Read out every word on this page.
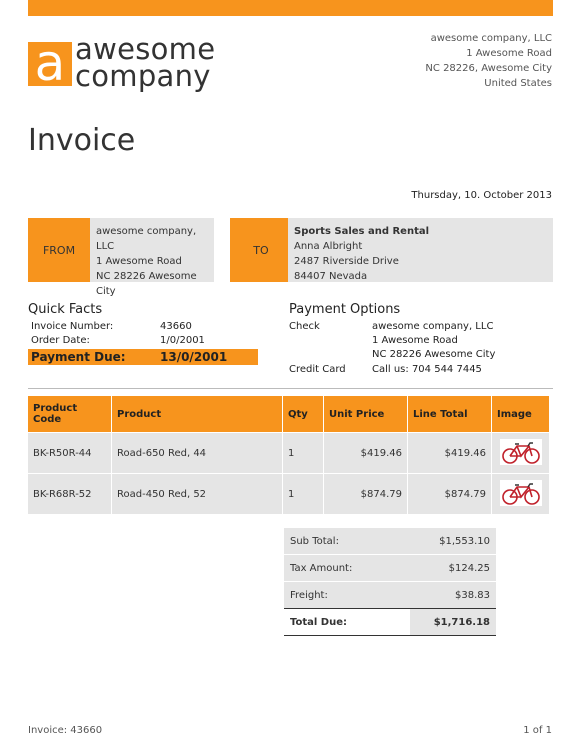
a awesome
company
awesome company, LLC
1 Awesome Road
NC 28226, Awesome City
United States
Invoice
Thursday, 10. October 2013
FROM
awesome company, LLC
1 Awesome Road
NC 28226 Awesome City
TO
Sports Sales and Rental
Anna Albright
2487 Riverside Drive
84407 Nevada
Quick Facts
Invoice Number:	43660
Order Date:	1/0/2001
Payment Due:	13/0/2001
Payment Options
Check	awesome company, LLC
1 Awesome Road
NC 28226 Awesome City
Credit Card	Call us: 704 544 7445
Product Code	Product	Qty	Unit Price	Line Total	Image
BK-R50R-44	Road-650 Red, 44	1	$419.46	$419.46	
BK-R68R-52	Road-450 Red, 52	1	$874.79	$874.79	
Sub Total:	$1,553.10
Tax Amount:	$124.25
Freight:	$38.83
Total Due:	$1,716.18
Invoice: 43660	1 of 1
